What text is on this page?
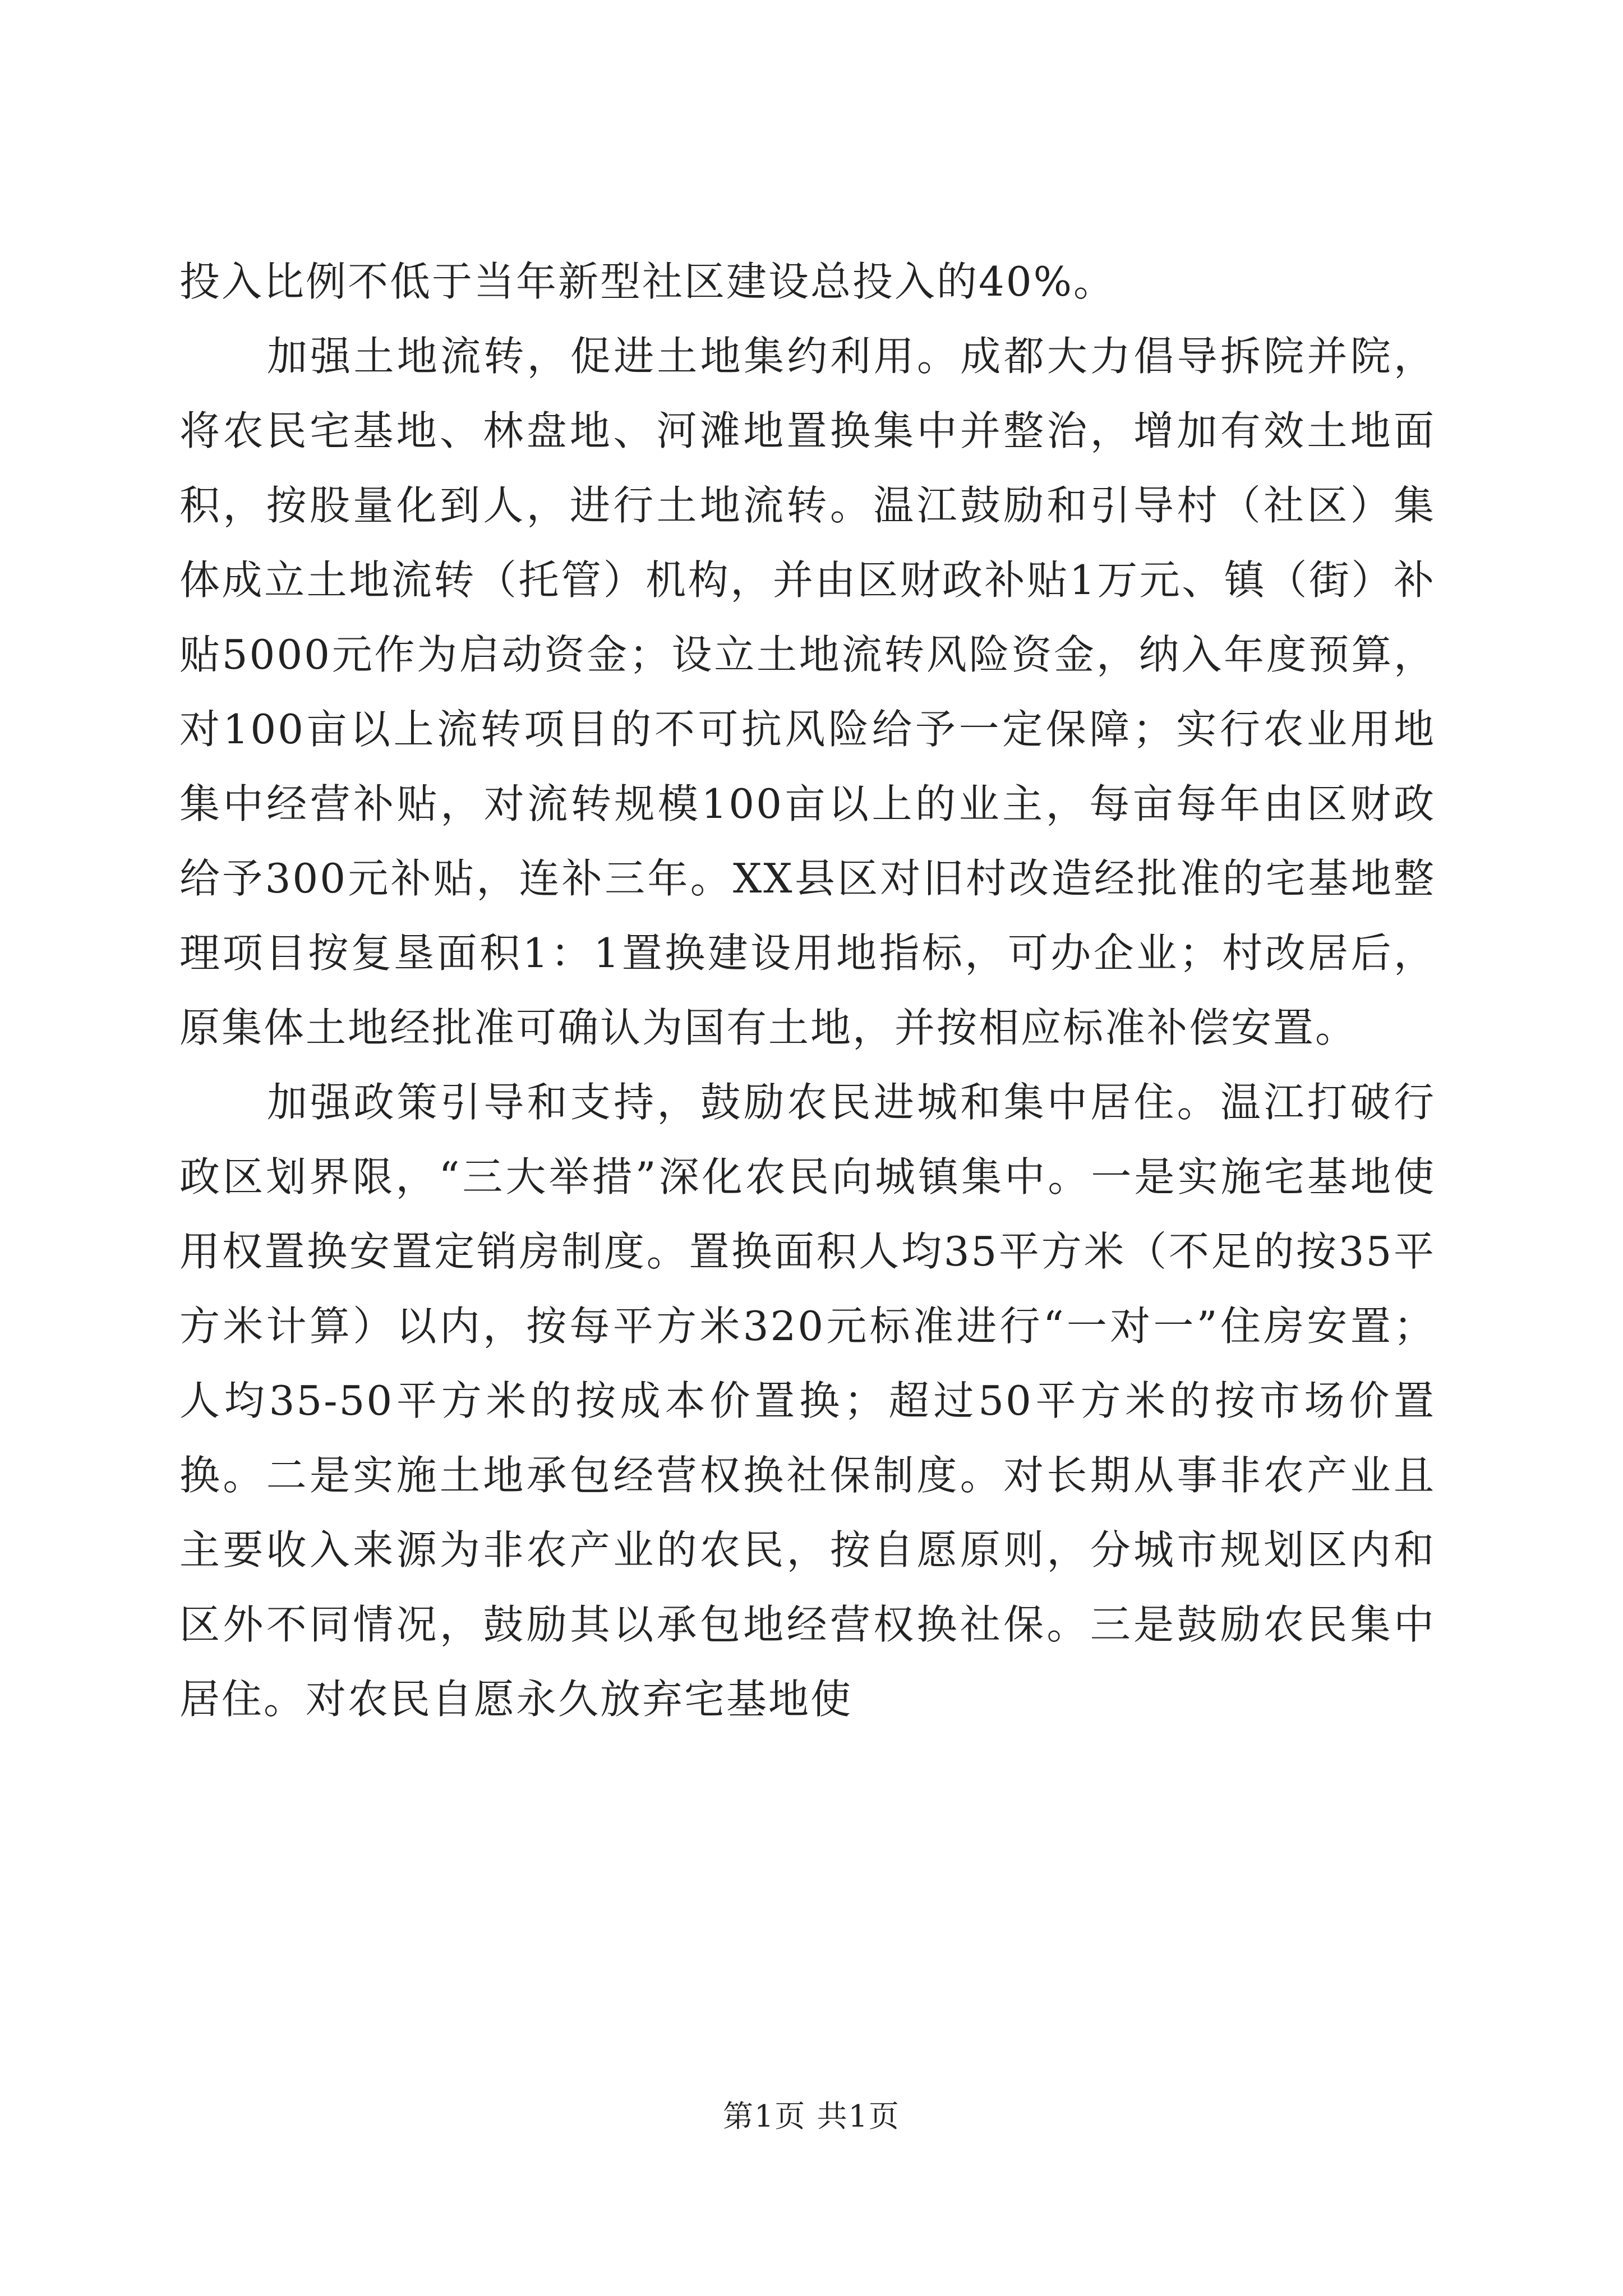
投入比例不低于当年新型社区建设总投入的40%。

加强土地流转，促进土地集约利用。成都大力倡导拆院并院，将农民宅基地、林盘地、河滩地置换集中并整治，增加有效土地面积，按股量化到人，进行土地流转。温江鼓励和引导村（社区）集体成立土地流转（托管）机构，并由区财政补贴1万元、镇（街）补贴5000元作为启动资金；设立土地流转风险资金，纳入年度预算，对100亩以上流转项目的不可抗风险给予一定保障；实行农业用地集中经营补贴，对流转规模100亩以上的业主，每亩每年由区财政给予300元补贴，连补三年。XX县区对旧村改造经批准的宅基地整理项目按复垦面积1：1置换建设用地指标，可办企业；村改居后，原集体土地经批准可确认为国有土地，并按相应标准补偿安置。

加强政策引导和支持，鼓励农民进城和集中居住。温江打破行政区划界限，“三大举措”深化农民向城镇集中。一是实施宅基地使用权置换安置定销房制度。置换面积人均35平方米（不足的按35平方米计算）以内，按每平方米320元标准进行“一对一”住房安置；人均35-50平方米的按成本价置换；超过50平方米的按市场价置换。二是实施土地承包经营权换社保制度。对长期从事非农产业且主要收入来源为非农产业的农民，按自愿原则，分城市规划区内和区外不同情况，鼓励其以承包地经营权换社保。三是鼓励农民集中居住。对农民自愿永久放弃宅基地使

第1页 共1页
